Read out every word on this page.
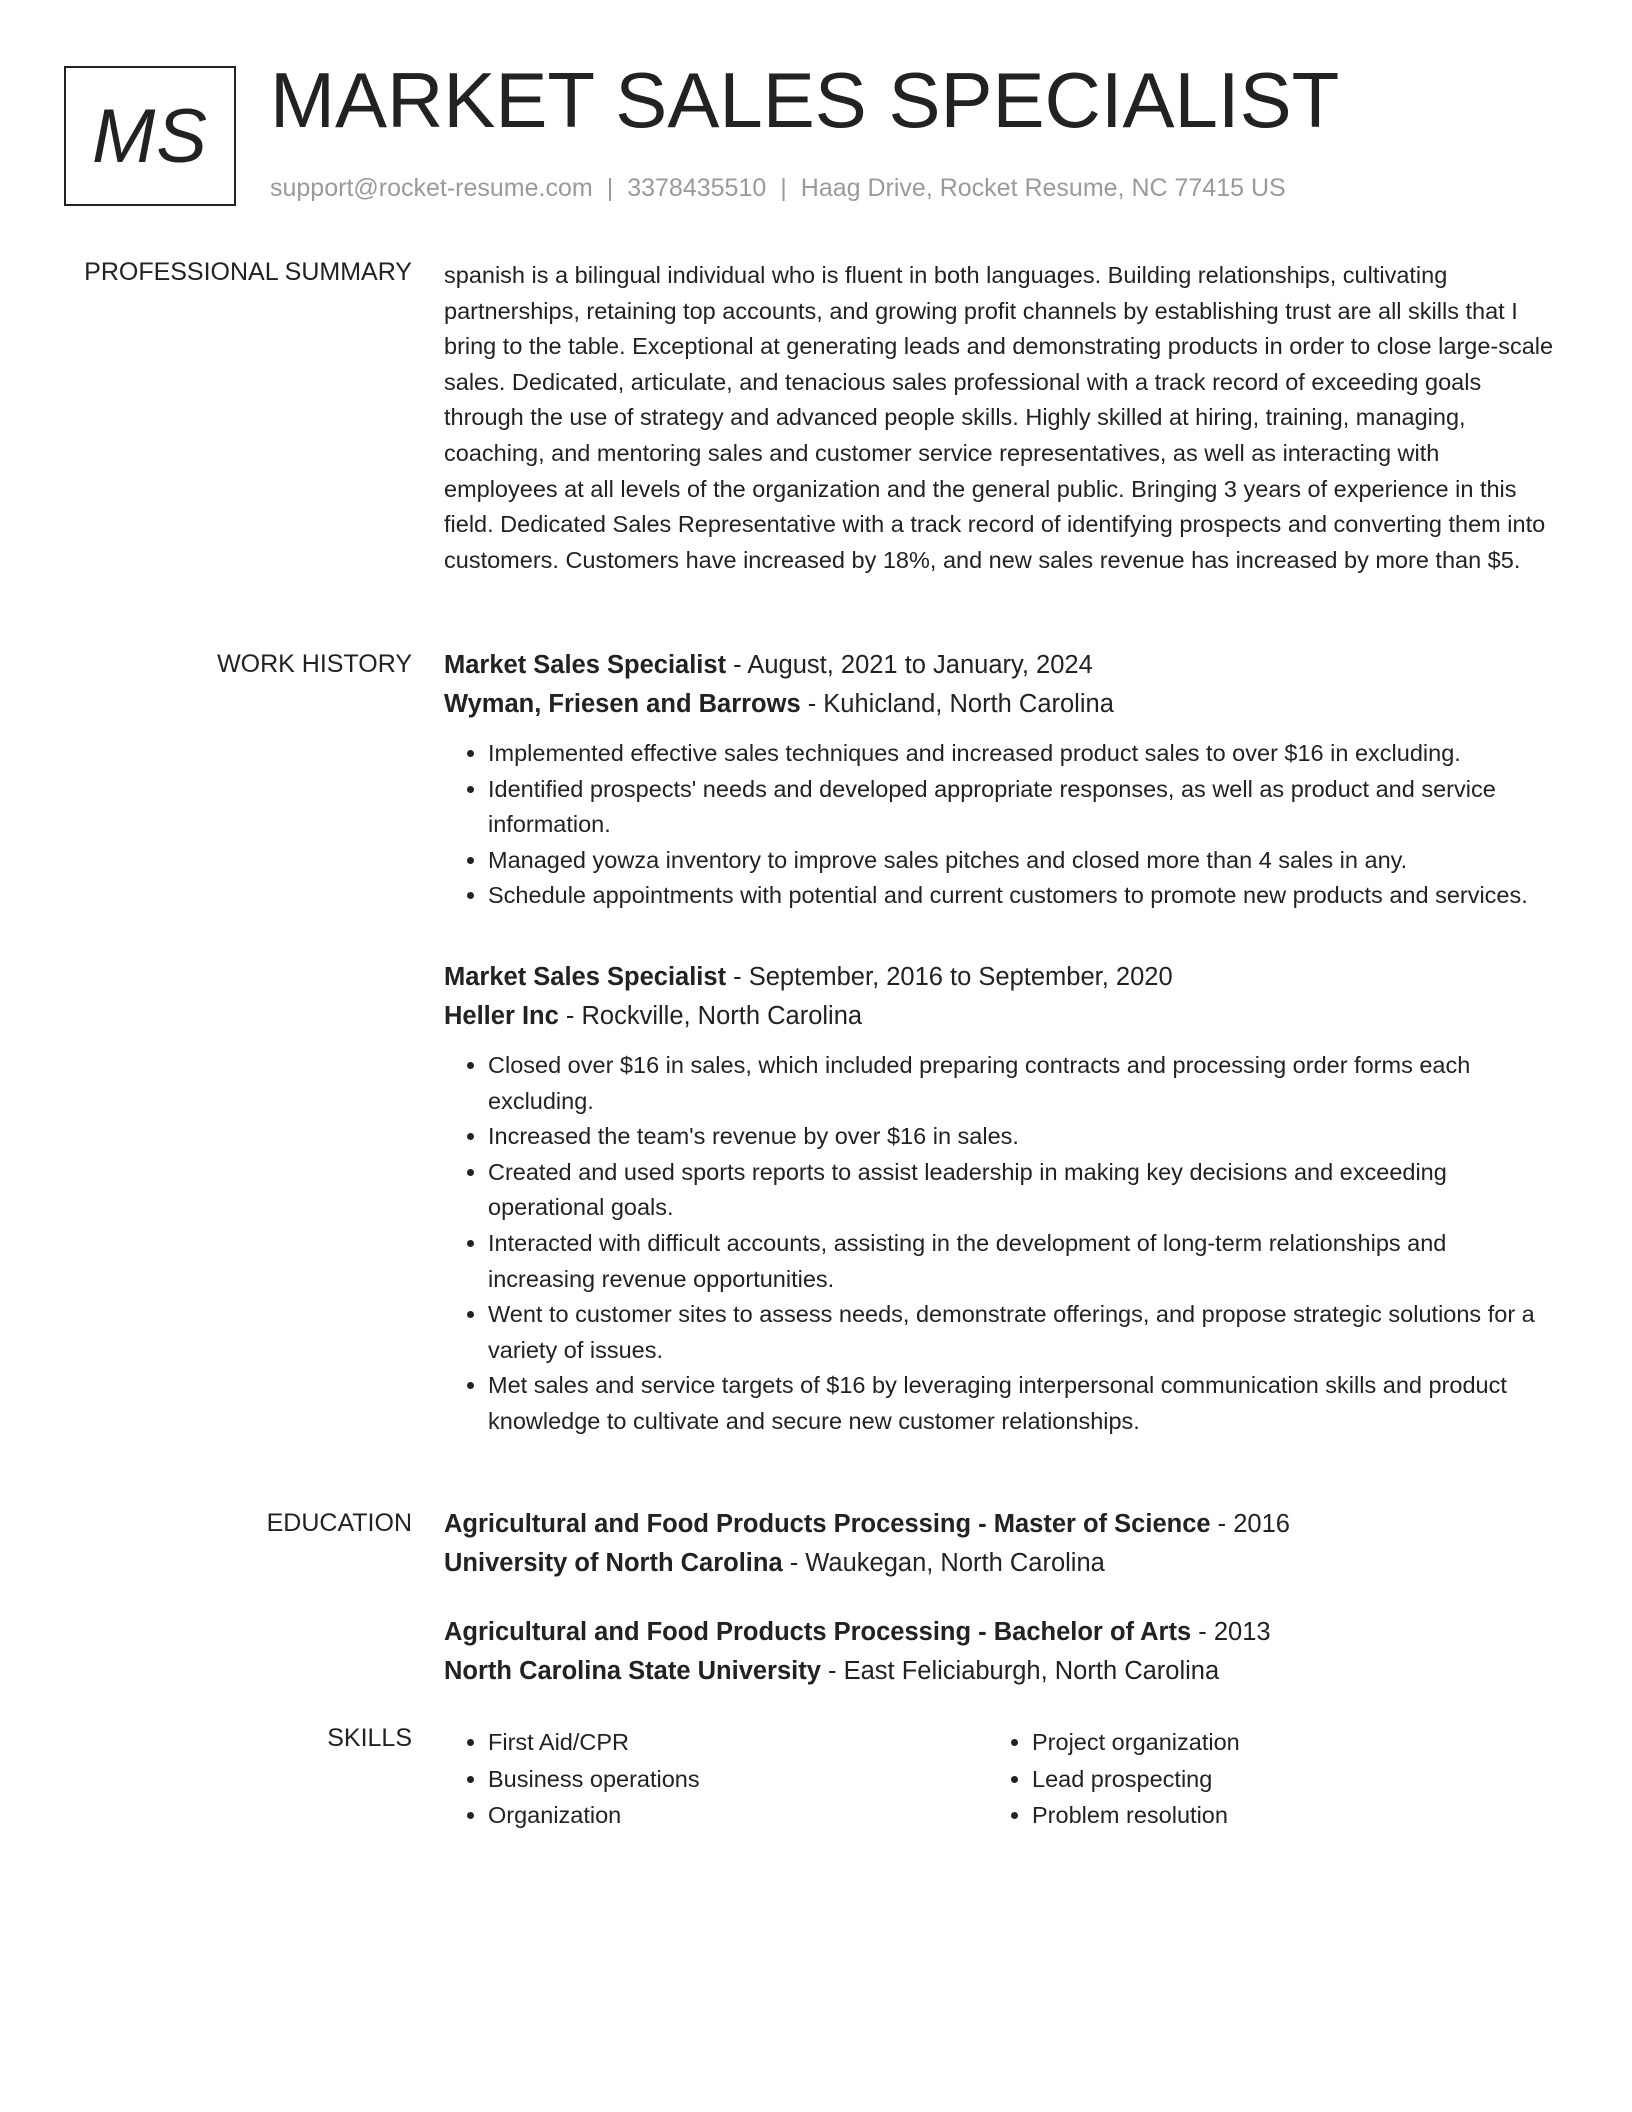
MS MARKET SALES SPECIALIST
support@rocket-resume.com | 3378435510 | Haag Drive, Rocket Resume, NC 77415 US
PROFESSIONAL SUMMARY spanish is a bilingual individual who is fluent in both languages. Building relationships, cultivating partnerships, retaining top accounts, and growing profit channels by establishing trust are all skills that I bring to the table. Exceptional at generating leads and demonstrating products in order to close large-scale sales. Dedicated, articulate, and tenacious sales professional with a track record of exceeding goals through the use of strategy and advanced people skills. Highly skilled at hiring, training, managing, coaching, and mentoring sales and customer service representatives, as well as interacting with employees at all levels of the organization and the general public. Bringing 3 years of experience in this field. Dedicated Sales Representative with a track record of identifying prospects and converting them into customers. Customers have increased by 18%, and new sales revenue has increased by more than $5.

WORK HISTORY Market Sales Specialist - August, 2021 to January, 2024
Wyman, Friesen and Barrows - Kuhicland, North Carolina
• Implemented effective sales techniques and increased product sales to over $16 in excluding.
• Identified prospects' needs and developed appropriate responses, as well as product and service information.
• Managed yowza inventory to improve sales pitches and closed more than 4 sales in any.
• Schedule appointments with potential and current customers to promote new products and services.
Market Sales Specialist - September, 2016 to September, 2020
Heller Inc - Rockville, North Carolina
• Closed over $16 in sales, which included preparing contracts and processing order forms each excluding.
• Increased the team's revenue by over $16 in sales.
• Created and used sports reports to assist leadership in making key decisions and exceeding operational goals.
• Interacted with difficult accounts, assisting in the development of long-term relationships and increasing revenue opportunities.
• Went to customer sites to assess needs, demonstrate offerings, and propose strategic solutions for a variety of issues.
• Met sales and service targets of $16 by leveraging interpersonal communication skills and product knowledge to cultivate and secure new customer relationships.
EDUCATION Agricultural and Food Products Processing - Master of Science - 2016
University of North Carolina - Waukegan, North Carolina
Agricultural and Food Products Processing - Bachelor of Arts - 2013
North Carolina State University - East Feliciaburgh, North Carolina
SKILLS
•	First Aid/CPR
• Business operations
• Organization
• Project organization
• Lead prospecting
• Problem resolution
